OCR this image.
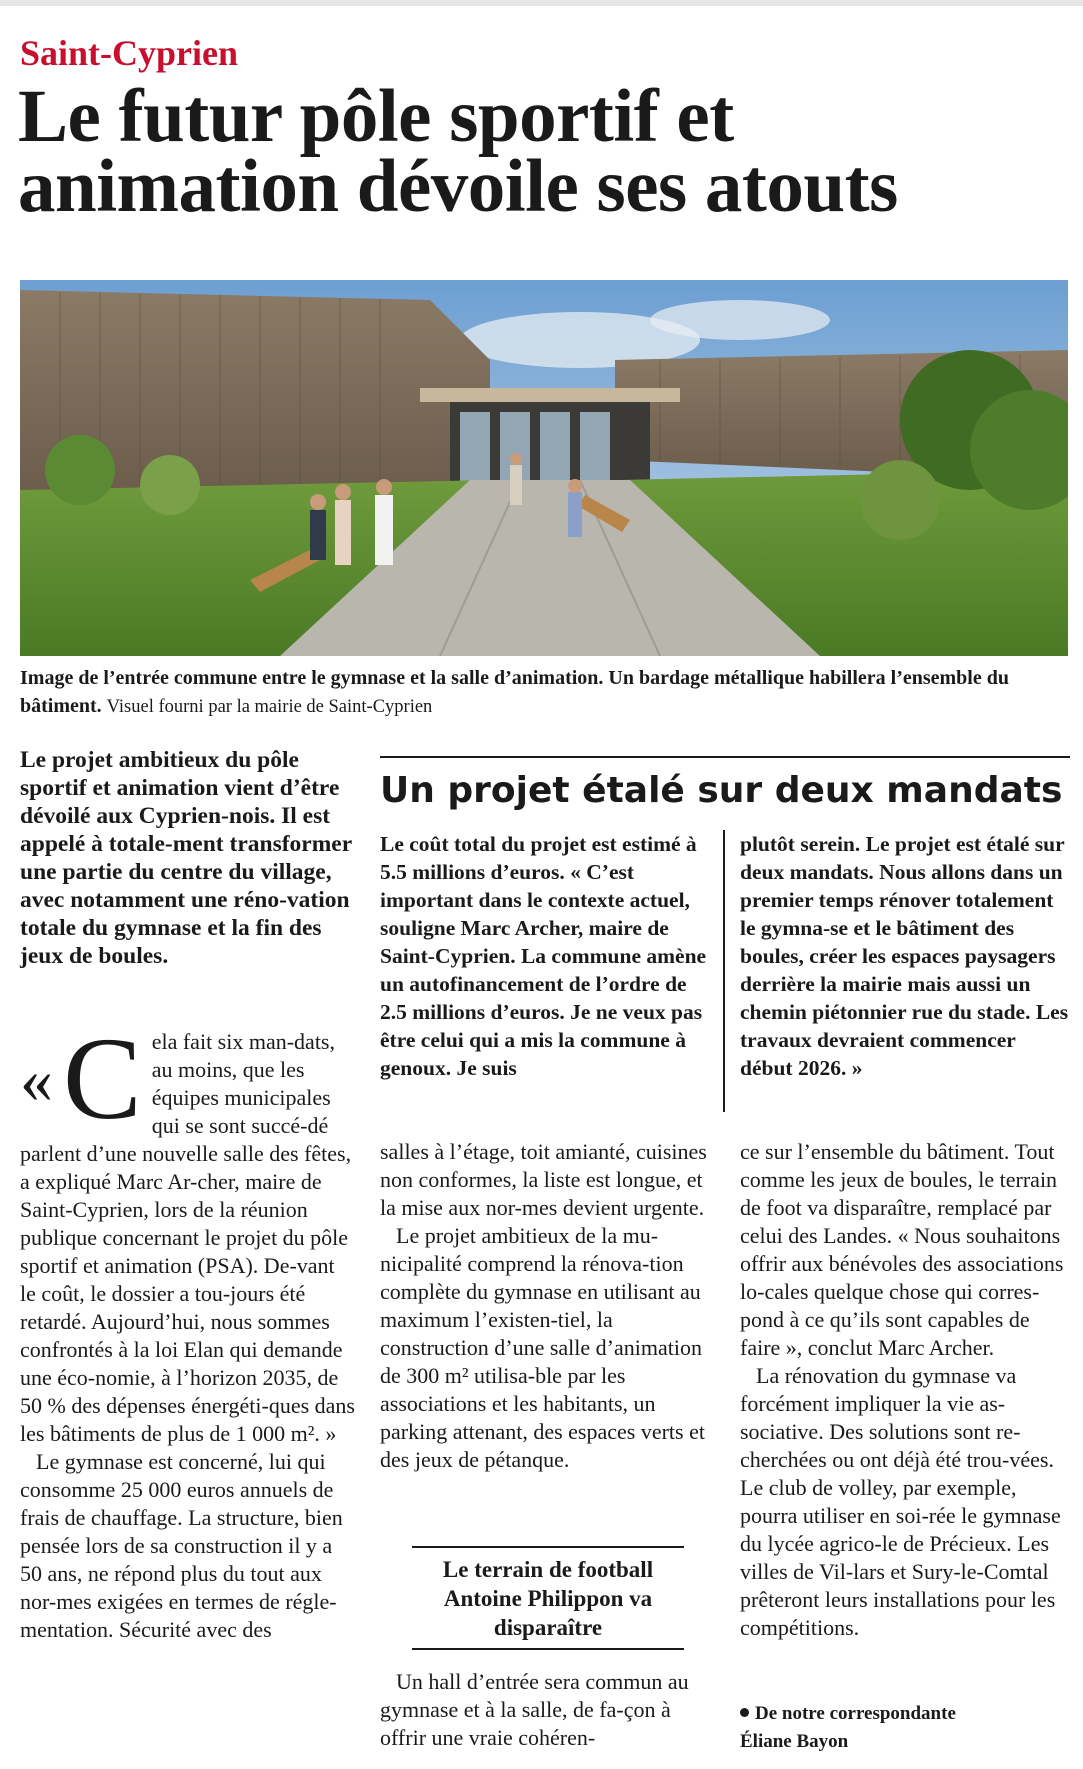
Saint-Cyprien
Le futur pôle sportif et animation dévoile ses atouts
Image de l’entrée commune entre le gymnase et la salle d’animation. Un bardage métallique habillera l’ensemble du bâtiment. Visuel fourni par la mairie de Saint-Cyprien
Le projet ambitieux du pôle sportif et animation vient d’être dévoilé aux Cyprien-nois. Il est appelé à totale-ment transformer une partie du centre du village, avec notamment une réno-vation totale du gymnase et la fin des jeux de boules.
Un projet étalé sur deux mandats
Le coût total du projet est estimé à 5.5 millions d’euros. « C’est important dans le contexte actuel, souligne Marc Archer, maire de Saint-Cyprien. La commune amène un autofinancement de l’ordre de 2.5 millions d’euros. Je ne veux pas être celui qui a mis la commune à genoux. Je suis
plutôt serein. Le projet est étalé sur deux mandats. Nous allons dans un premier temps rénover totalement le gymna-se et le bâtiment des boules, créer les espaces paysagers derrière la mairie mais aussi un chemin piétonnier rue du stade. Les travaux devraient commencer début 2026. »

«C ela fait six man-dats, au moins, que les équipes municipales qui se sont succé-dé parlent d’une nouvelle salle des fêtes, a expliqué Marc Ar-cher, maire de Saint-Cyprien, lors de la réunion publique concernant le projet du pôle sportif et animation (PSA). De-vant le coût, le dossier a tou-jours été retardé. Aujourd’hui, nous sommes confrontés à la loi Elan qui demande une éco-nomie, à l’horizon 2035, de 50 % des dépenses énergéti-ques dans les bâtiments de plus de 1 000 m². »

Le gymnase est concerné, lui qui consomme 25 000 euros annuels de frais de chauffage. La structure, bien pensée lors de sa construction il y a 50 ans, ne répond plus du tout aux nor-mes exigées en termes de régle-mentation. Sécurité avec des

salles à l’étage, toit amianté, cuisines non conformes, la liste est longue, et la mise aux nor-mes devient urgente.

Le projet ambitieux de la mu-nicipalité comprend la rénova-tion complète du gymnase en utilisant au maximum l’existen-tiel, la construction d’une salle d’animation de 300 m² utilisa-ble par les associations et les habitants, un parking attenant, des espaces verts et des jeux de pétanque.

Le terrain de football Antoine Philippon va disparaître

Un hall d’entrée sera commun au gymnase et à la salle, de fa-çon à offrir une vraie cohéren-

ce sur l’ensemble du bâtiment. Tout comme les jeux de boules, le terrain de foot va disparaître, remplacé par celui des Landes. « Nous souhaitons offrir aux bénévoles des associations lo-cales quelque chose qui corres-pond à ce qu’ils sont capables de faire », conclut Marc Archer.

La rénovation du gymnase va forcément impliquer la vie as-sociative. Des solutions sont re-cherchées ou ont déjà été trou-vées. Le club de volley, par exemple, pourra utiliser en soi-rée le gymnase du lycée agrico-le de Précieux. Les villes de Vil-lars et Sury-le-Comtal prêteront leurs installations pour les compétitions.

De notre correspondante
Éliane Bayon
